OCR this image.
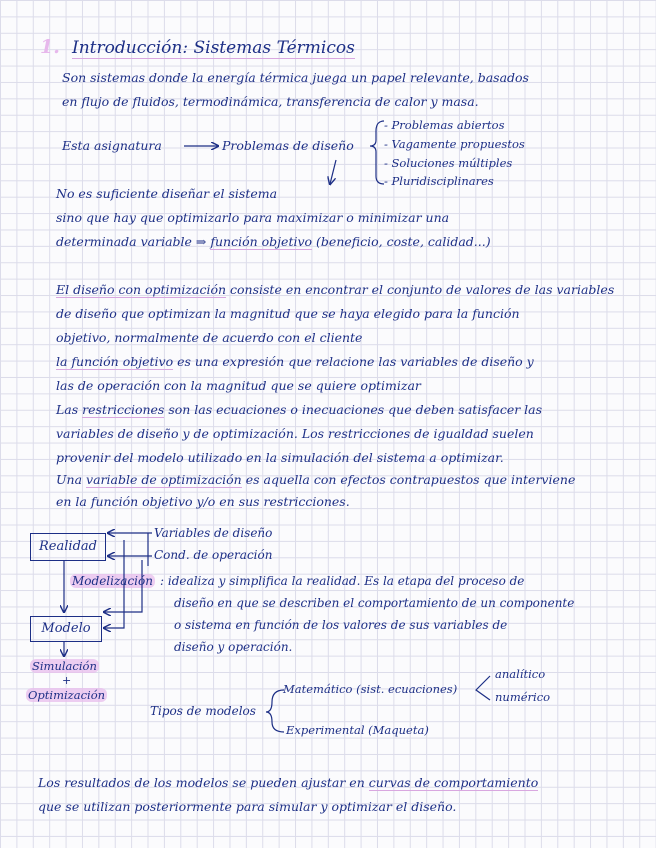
1. Introducción: Sistemas Térmicos
Son sistemas donde la energía térmica juega un papel relevante, basados
en flujo de fluidos, termodinámica, transferencia de calor y masa.
Esta asignatura	Problemas de diseño
- Problemas abiertos
- Vagamente propuestos
- Soluciones múltiples
- Pluridisciplinares
No es suficiente diseñar el sistema
sino que hay que optimizarlo para maximizar o minimizar una
determinada variable ⇒ función objetivo (beneficio, coste, calidad...)
El diseño con optimización consiste en encontrar el conjunto de valores de las variables
de diseño que optimizan la magnitud que se haya elegido para la función
objetivo, normalmente de acuerdo con el cliente
la función objetivo es una expresión que relacione las variables de diseño y
las de operación con la magnitud que se quiere optimizar
Las restricciones son las ecuaciones o inecuaciones que deben satisfacer las
variables de diseño y de optimización. Los restricciones de igualdad suelen
provenir del modelo utilizado en la simulación del sistema a optimizar.
Una variable de optimización es aquella con efectos contrapuestos que interviene
en la función objetivo y/o en sus restricciones.
Realidad
Variables de diseño
Cond. de operación
Modelización : idealiza y simplifica la realidad. Es la etapa del proceso de
diseño en que se describen el comportamiento de un componente
o sistema en función de los valores de sus variables de
diseño y operación.
Modelo
Simulación
+
Optimización
Tipos de modelos
Matemático (sist. ecuaciones)
analítico
numérico
Experimental (Maqueta)
Los resultados de los modelos se pueden ajustar en curvas de comportamiento
que se utilizan posteriormente para simular y optimizar el diseño.
